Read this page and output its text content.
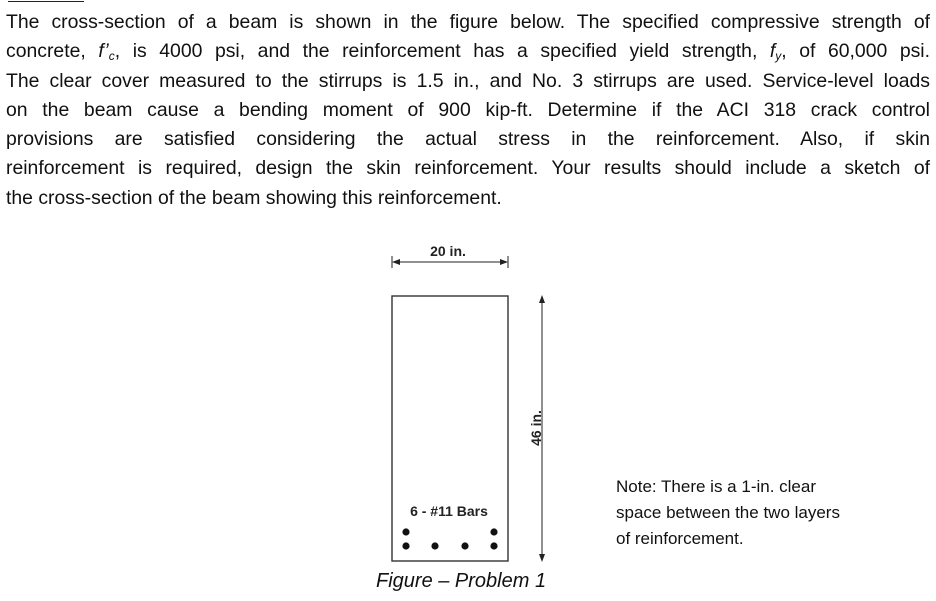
The cross-section of a beam is shown in the figure below. The specified compressive strength of
concrete, $f’_c$, is 4000 psi, and the reinforcement has a specified yield strength, $f_y$, of 60,000 psi.
The clear cover measured to the stirrups is 1.5 in., and No. 3 stirrups are used. Service-level loads
on the beam cause a bending moment of 900 kip-ft. Determine if the ACI 318 crack control
provisions are satisfied considering the actual stress in the reinforcement. Also, if skin
reinforcement is required, design the skin reinforcement. Your results should include a sketch of
the cross-section of the beam showing this reinforcement.
20 in.
46 in.
6 - #11 Bars
Figure – Problem 1
Note: There is a 1-in. clear
space between the two layers
of reinforcement.
